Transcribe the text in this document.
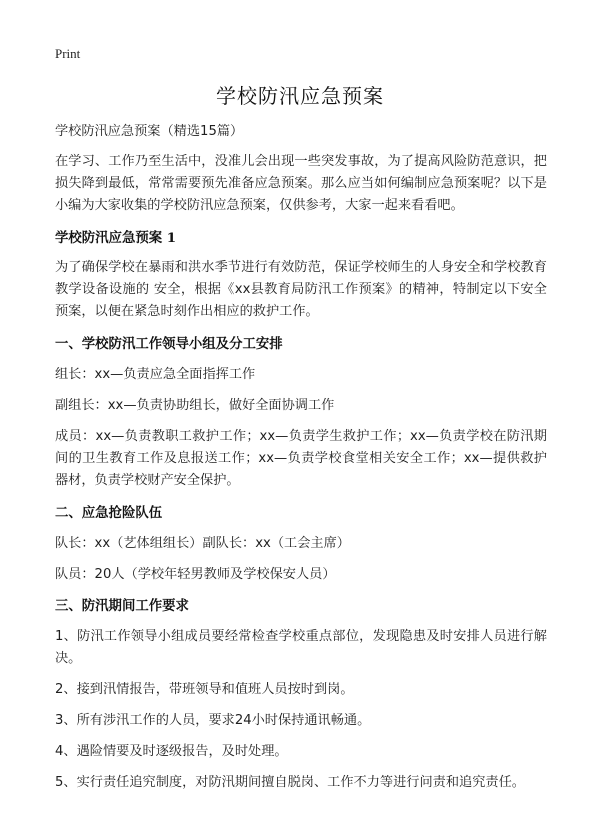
Print
学校防汛应急预案

学校防汛应急预案（精选15篇）

在学习、工作乃至生活中，没准儿会出现一些突发事故，为了提高风险防范意识，把损失降到最低，常常需要预先准备应急预案。那么应当如何编制应急预案呢？以下是小编为大家收集的学校防汛应急预案，仅供参考，大家一起来看看吧。

学校防汛应急预案 1

为了确保学校在暴雨和洪水季节进行有效防范，保证学校师生的人身安全和学校教育教学设备设施的 安全，根据《xx县教育局防汛工作预案》的精神，特制定以下安全预案，以便在紧急时刻作出相应的救护工作。

一、学校防汛工作领导小组及分工安排

组长：xx—负责应急全面指挥工作

副组长：xx—负责协助组长，做好全面协调工作

成员：xx—负责教职工救护工作；xx—负责学生救护工作；xx—负责学校在防汛期间的卫生教育工作及息报送工作；xx—负责学校食堂相关安全工作；xx—提供救护器材，负责学校财产安全保护。

二、应急抢险队伍

队长：xx（艺体组组长）副队长：xx（工会主席）

队员：20人（学校年轻男教师及学校保安人员）

三、防汛期间工作要求

1、防汛工作领导小组成员要经常检查学校重点部位，发现隐患及时安排人员进行解决。

2、接到汛情报告，带班领导和值班人员按时到岗。

3、所有涉汛工作的人员，要求24小时保持通讯畅通。

4、遇险情要及时逐级报告，及时处理。

5、实行责任追究制度，对防汛期间擅自脱岗、工作不力等进行问责和追究责任。
